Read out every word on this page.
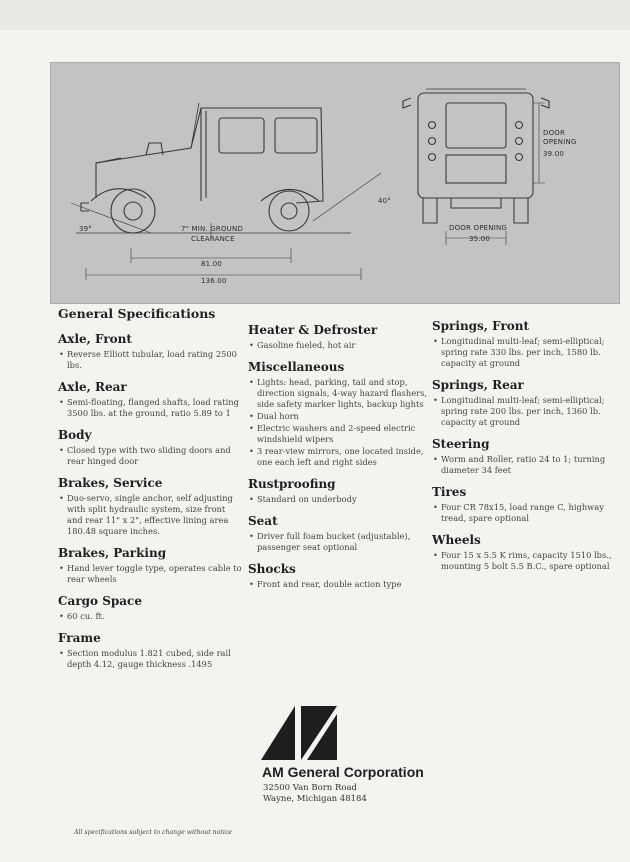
39°
40°
7" MIN. GROUND
CLEARANCE
81.00
136.00
DOOR
OPENING
39.00
DOOR OPENING
35.00
General Specifications
Axle, Front
• Reverse Elliott tubular, load rating 2500 lbs.
Axle, Rear
• Semi-floating, flanged shafts, load rating 3500 lbs. at the ground, ratio 5.89 to 1
Body
• Closed type with two sliding doors and rear hinged door
Brakes, Service
• Duo-servo, single anchor, self adjusting with split hydraulic system, size front and rear 11" x 2", effective lining area 180.48 square inches.
Brakes, Parking
• Hand lever toggle type, operates cable to rear wheels
Cargo Space
• 60 cu. ft.
Frame
• Section modulus 1.821 cubed, side rail depth 4.12, gauge thickness .1495
Heater & Defroster
• Gasoline fueled, hot air
Miscellaneous
• Lights: head, parking, tail and stop, direction signals, 4-way hazard flashers, side safety marker lights, backup lights
• Dual horn
• Electric washers and 2-speed electric windshield wipers
• 3 rear-view mirrors, one located inside, one each left and right sides
Rustproofing
• Standard on underbody
Seat
• Driver full foam bucket (adjustable), passenger seat optional
Shocks
• Front and rear, double action type
Springs, Front
• Longitudinal multi-leaf; semi-elliptical; spring rate 330 lbs. per inch, 1580 lb. capacity at ground
Springs, Rear
• Longitudinal multi-leaf; semi-elliptical; spring rate 200 lbs. per inch, 1360 lb. capacity at ground
Steering
• Worm and Roller, ratio 24 to 1; turning diameter 34 feet
Tires
• Four CR 78x15, load range C, highway tread, spare optional
Wheels
• Four 15 x 5.5 K rims, capacity 1510 lbs., mounting 5 bolt 5.5 B.C., spare optional
AM General Corporation
32500 Van Born Road
Wayne, Michigan 48184
All specifications subject to change without notice
